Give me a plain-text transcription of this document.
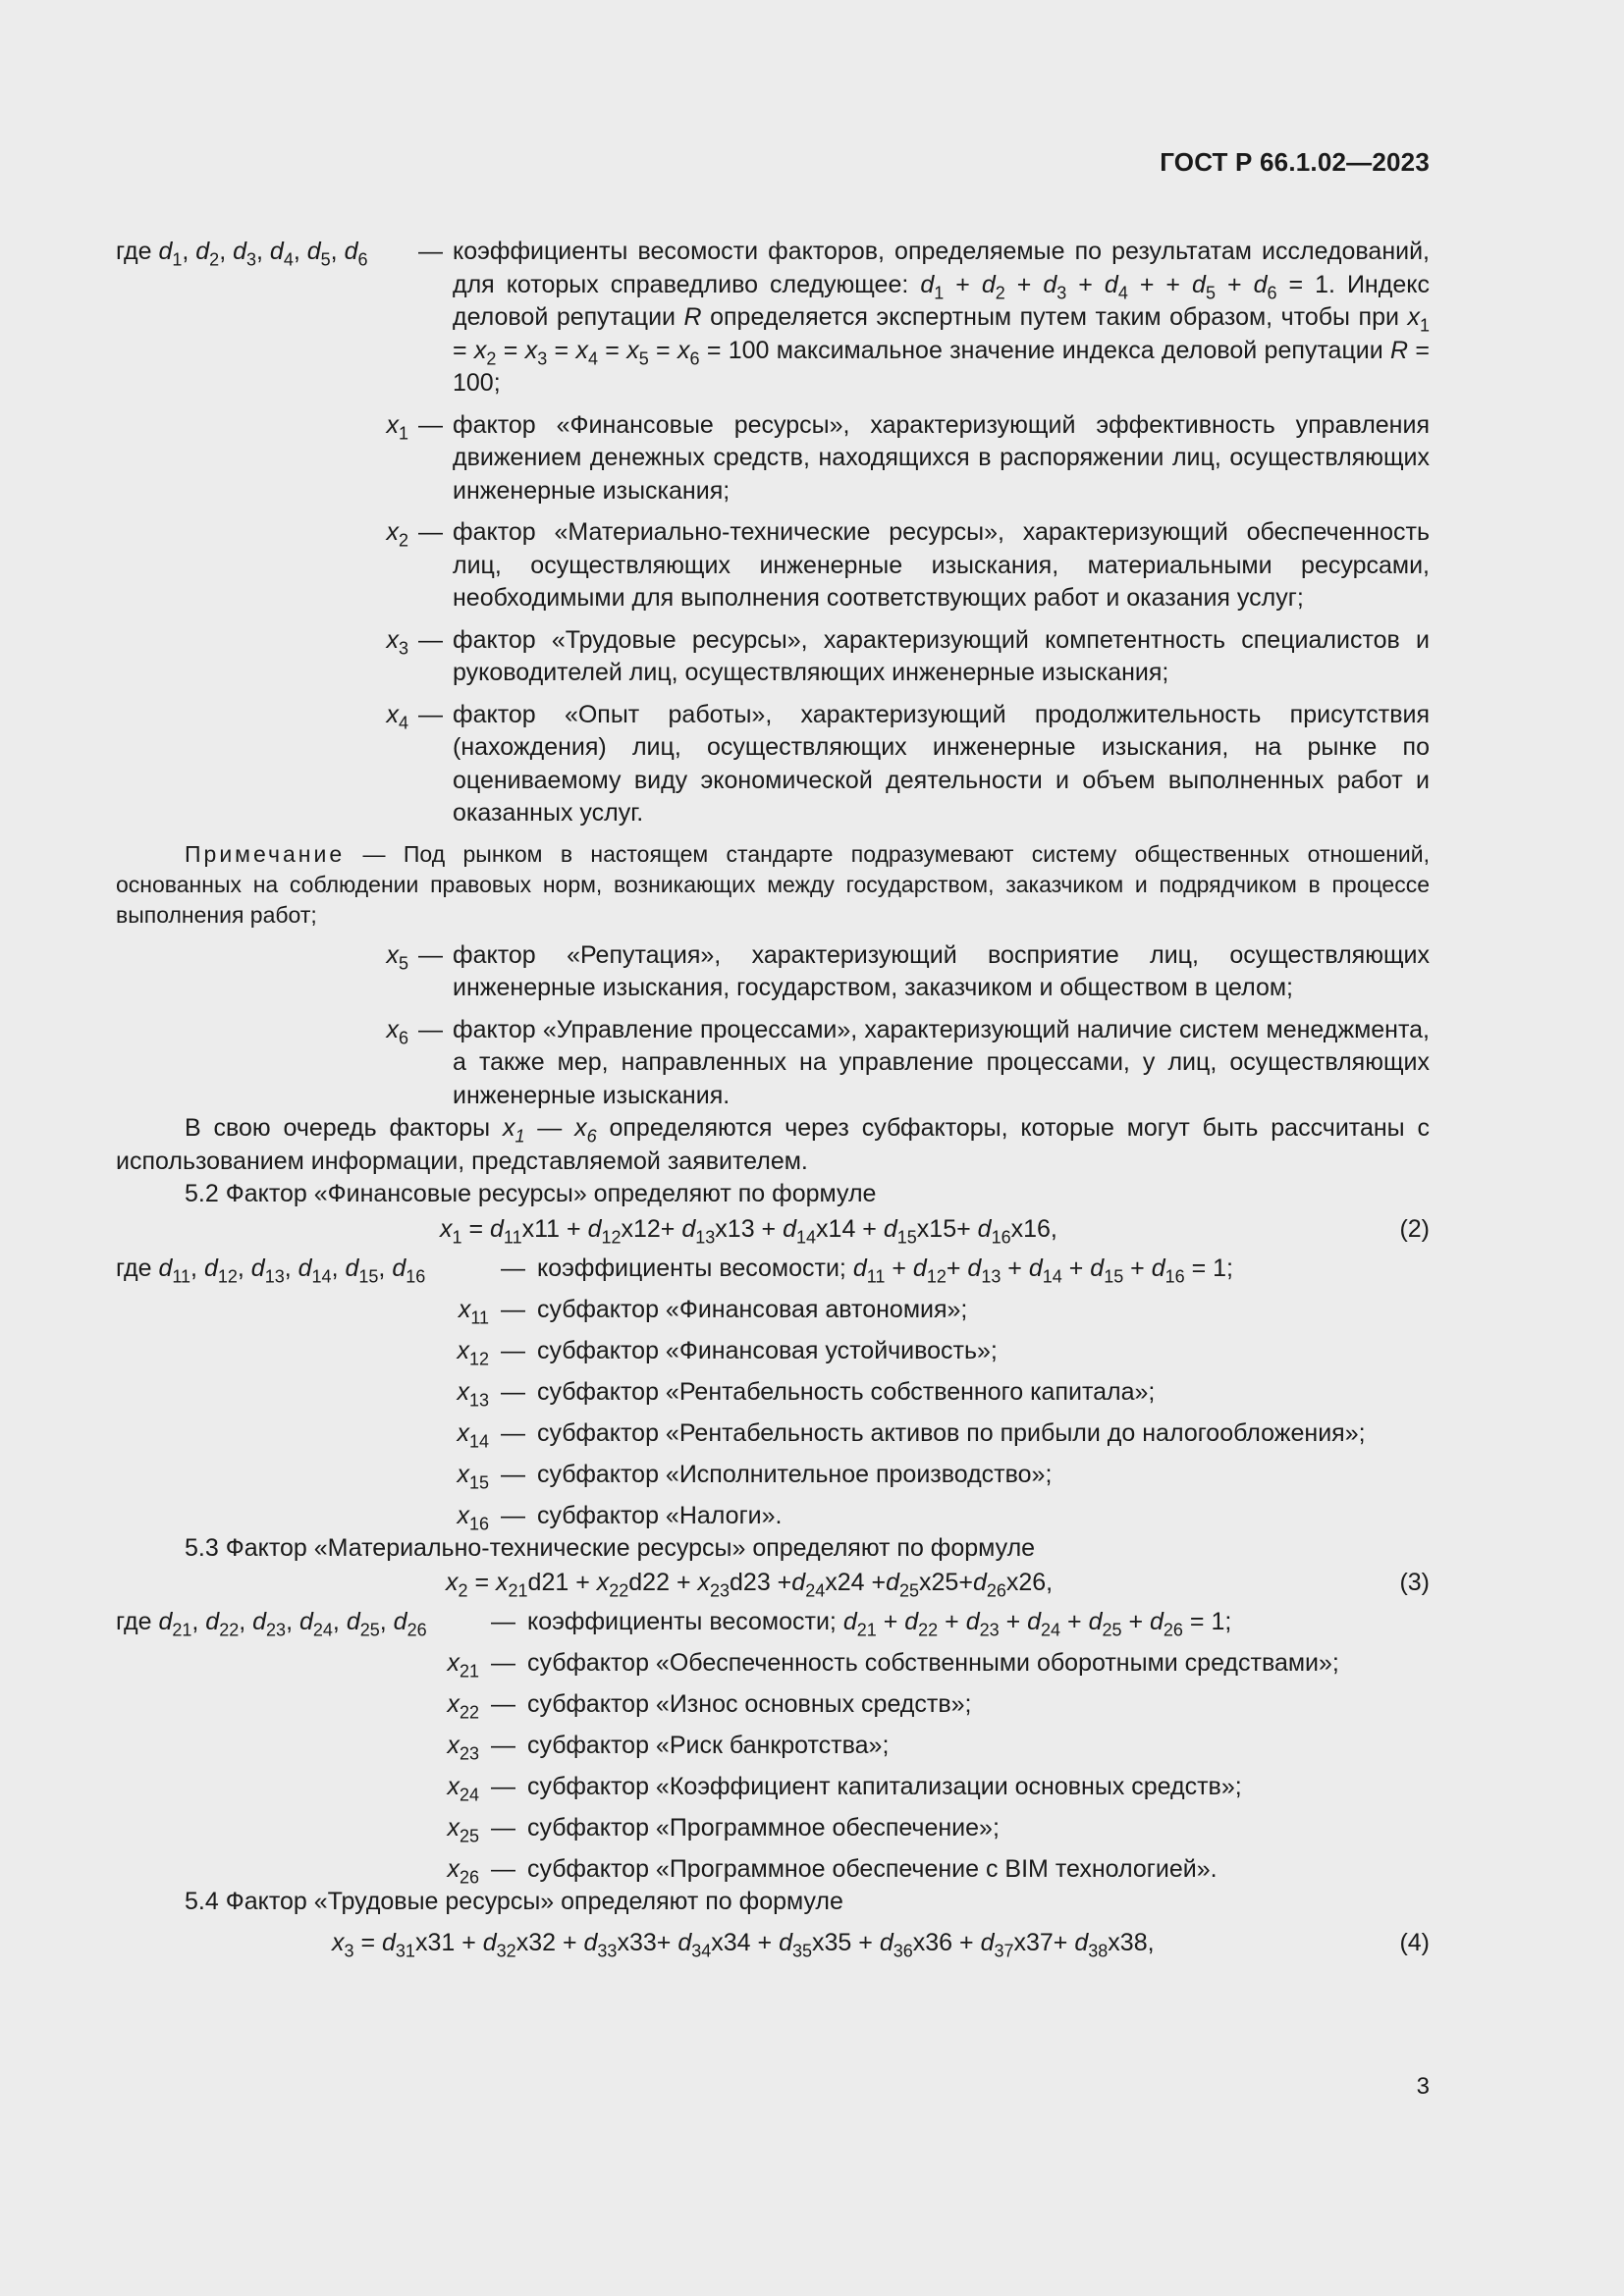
ГОСТ Р 66.1.02—2023
где $d_1$, $d_2$, $d_3$, $d_4$, $d_5$, $d_6$	— коэффициенты весомости факторов, определяемые по результатам исследований, для которых справедливо следующее: $d_1 + d_2 + d_3 + d_4$ + + $d_5 + d_6 = 1$. Индекс деловой репутации R определяется экспертным путем таким образом, чтобы при $x_1 = x_2 = x_3 = x_4 = x_5 = x_6 = 100$ максимальное значение индекса деловой репутации R = 100;
$x_1$ — фактор «Финансовые ресурсы», характеризующий эффективность управления движением денежных средств, находящихся в распоряжении лиц, осуществляющих инженерные изыскания;
$x_2$ — фактор «Материально-технические ресурсы», характеризующий обеспеченность лиц, осуществляющих инженерные изыскания, материальными ресурсами, необходимыми для выполнения соответствующих работ и оказания услуг;
$x_3$ — фактор «Трудовые ресурсы», характеризующий компетентность специалистов и руководителей лиц, осуществляющих инженерные изыскания;
$x_4$ — фактор «Опыт работы», характеризующий продолжительность присутствия (нахождения) лиц, осуществляющих инженерные изыскания, на рынке по оцениваемому виду экономической деятельности и объем выполненных работ и оказанных услуг.
Примечание — Под рынком в настоящем стандарте подразумевают систему общественных отношений, основанных на соблюдении правовых норм, возникающих между государством, заказчиком и подрядчиком в процессе выполнения работ;
$x_5$ — фактор «Репутация», характеризующий восприятие лиц, осуществляющих инженерные изыскания, государством, заказчиком и обществом в целом;
$x_6$ — фактор «Управление процессами», характеризующий наличие систем менеджмента, а также мер, направленных на управление процессами, у лиц, осуществляющих инженерные изыскания.
В свою очередь факторы $x_1$ — $x_6$ определяются через субфакторы, которые могут быть рассчитаны с использованием информации, представляемой заявителем.
5.2 Фактор «Финансовые ресурсы» определяют по формуле
$x_1 = d_{11}x11 + d_{12}x12+ d_{13}x13 + d_{14}x14 + d_{15}x15+ d_{16}x16$,	(2)
где $d_{11}$, $d_{12}$, $d_{13}$, $d_{14}$, $d_{15}$, $d_{16}$	— коэффициенты весомости; $d_{11} + d_{12}+ d_{13} + d_{14} + d_{15} + d_{16} = 1$;
$x_{11}$ — субфактор «Финансовая автономия»;
$x_{12}$ — субфактор «Финансовая устойчивость»;
$x_{13}$ — субфактор «Рентабельность собственного капитала»;
$x_{14}$ — субфактор «Рентабельность активов по прибыли до налогообложения»;
$x_{15}$ — субфактор «Исполнительное производство»;
$x_{16}$ — субфактор «Налоги».
5.3 Фактор «Материально-технические ресурсы» определяют по формуле
$x_2 = x_{21}d21 + x_{22}d22 + x_{23}d23 +d_{24}x24 +d_{25}x25+d_{26}x26$,	(3)
где $d_{21}$, $d_{22}$, $d_{23}$, $d_{24}$, $d_{25}$, $d_{26}$	— коэффициенты весомости; $d_{21} + d_{22} + d_{23} + d_{24} + d_{25} + d_{26} = 1$;
$x_{21}$ — субфактор «Обеспеченность собственными оборотными средствами»;
$x_{22}$ — субфактор «Износ основных средств»;
$x_{23}$ — субфактор «Риск банкротства»;
$x_{24}$ — субфактор «Коэффициент капитализации основных средств»;
$x_{25}$ — субфактор «Программное обеспечение»;
$x_{26}$ — субфактор «Программное обеспечение с BIM технологией».
5.4 Фактор «Трудовые ресурсы» определяют по формуле
$x_3 = d_{31}x31 + d_{32}x32 + d_{33}x33+ d_{34}x34 + d_{35}x35 + d_{36}x36 + d_{37}x37+ d_{38}x38$,	(4)
3
